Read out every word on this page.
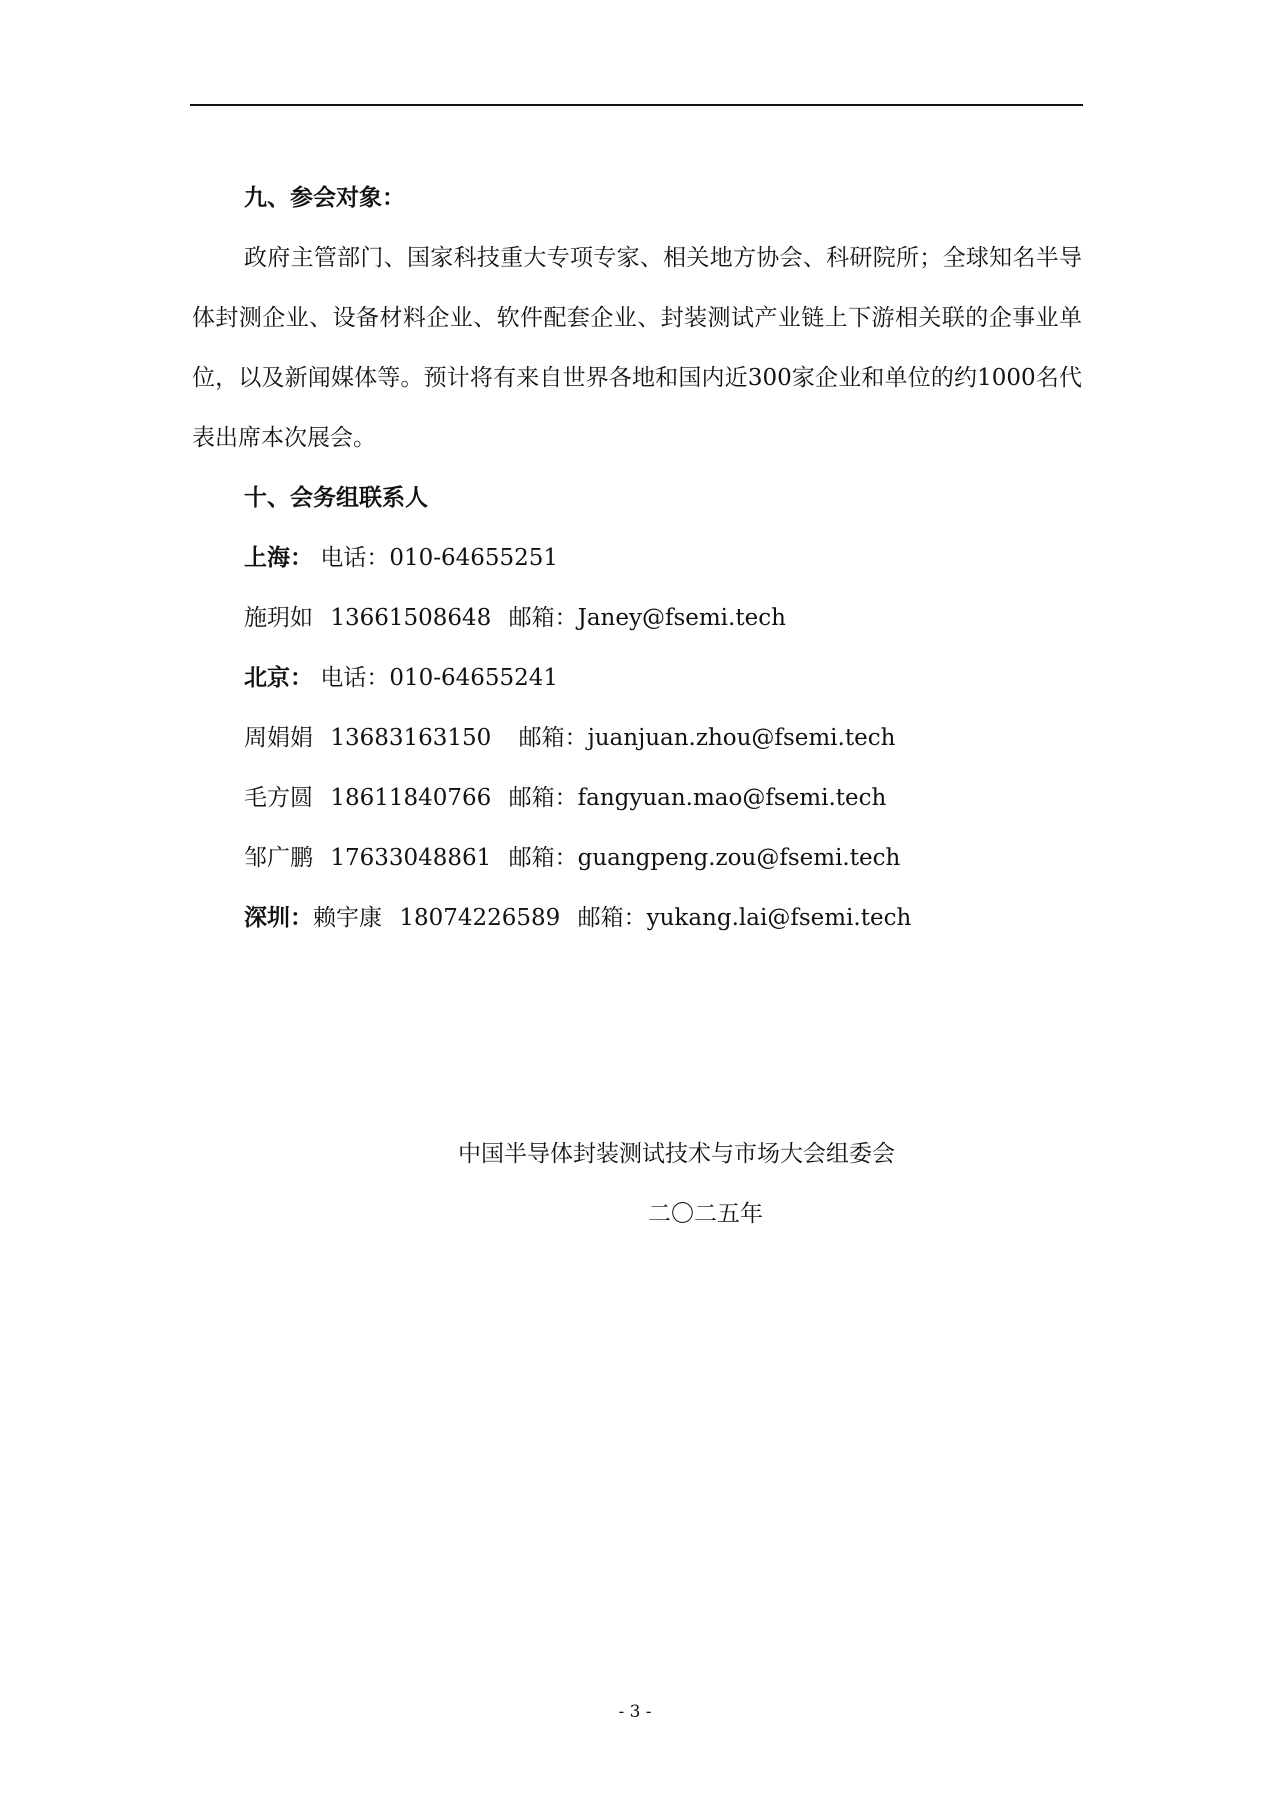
九、参会对象：

政府主管部门、国家科技重大专项专家、相关地方协会、科研院所；全球知名半导体封测企业、设备材料企业、软件配套企业、封装测试产业链上下游相关联的企事业单位，以及新闻媒体等。预计将有来自世界各地和国内近300家企业和单位的约1000名代表出席本次展会。

十、会务组联系人

上海： 电话：010-64655251

施玥如 13661508648 邮箱：Janey@fsemi.tech

北京： 电话：010-64655241

周娟娟 13683163150 邮箱：juanjuan.zhou@fsemi.tech

毛方圆 18611840766 邮箱：fangyuan.mao@fsemi.tech

邹广鹏 17633048861 邮箱：guangpeng.zou@fsemi.tech

深圳：赖宇康 18074226589 邮箱：yukang.lai@fsemi.tech

中国半导体封装测试技术与市场大会组委会
二〇二五年
- 3 -
